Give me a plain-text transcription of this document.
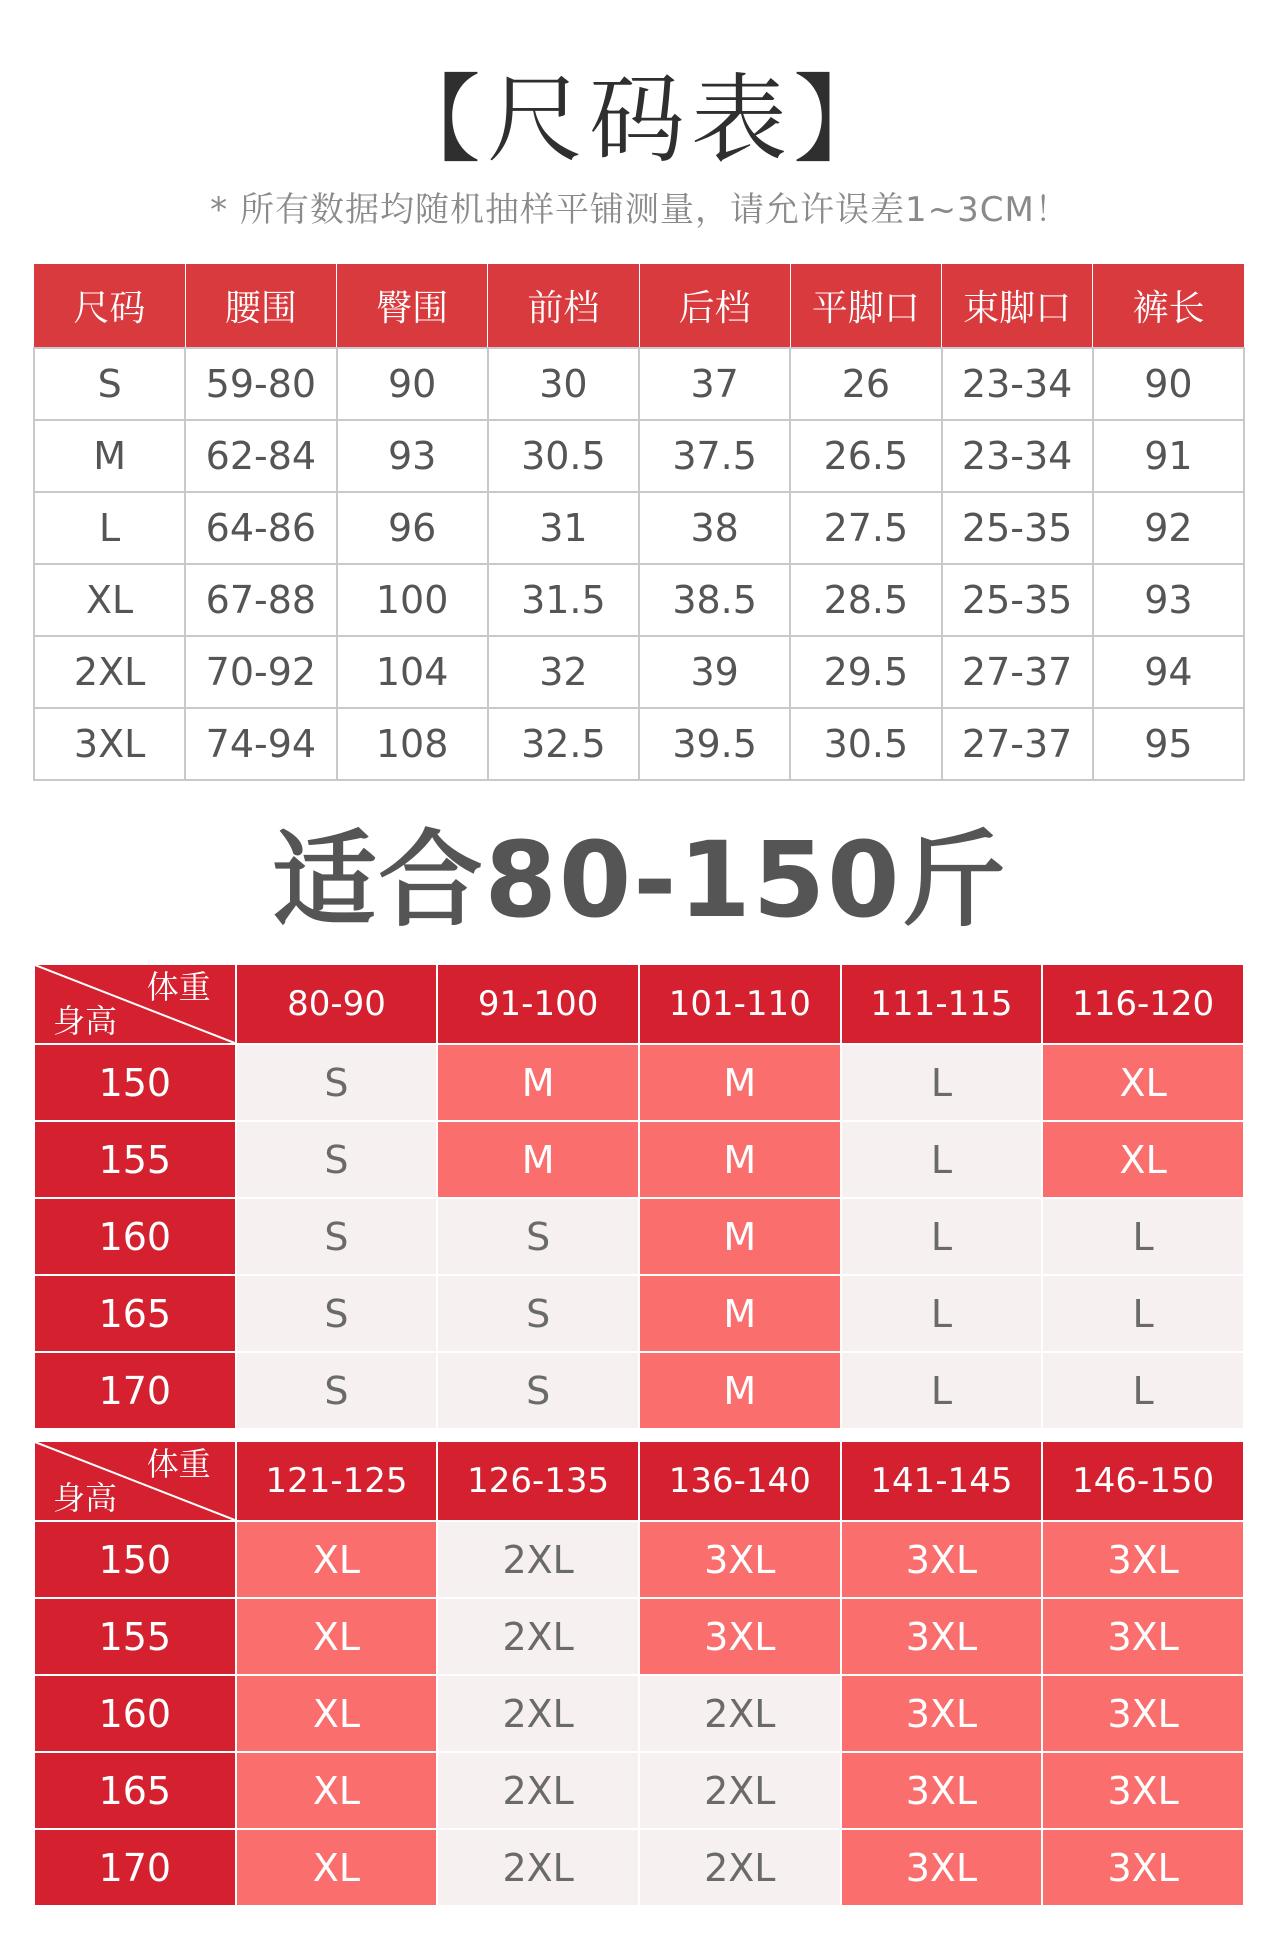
【尺码表】
* 所有数据均随机抽样平铺测量，请允许误差1~3CM！
尺码	腰围	臀围	前档	后档	平脚口	束脚口	裤长
S	59-80	90	30	37	26	23-34	90
M	62-84	93	30.5	37.5	26.5	23-34	91
L	64-86	96	31	38	27.5	25-35	92
XL	67-88	100	31.5	38.5	28.5	25-35	93
2XL	70-92	104	32	39	29.5	27-37	94
3XL	74-94	108	32.5	39.5	30.5	27-37	95
适合80-150斤
体重
身高	80-90	91-100	101-110	111-115	116-120
150	S	M	M	L	XL
155	S	M	M	L	XL
160	S	S	M	L	L
165	S	S	M	L	L
170	S	S	M	L	L
体重
身高	121-125	126-135	136-140	141-145	146-150
150	XL	2XL	3XL	3XL	3XL
155	XL	2XL	3XL	3XL	3XL
160	XL	2XL	2XL	3XL	3XL
165	XL	2XL	2XL	3XL	3XL
170	XL	2XL	2XL	3XL	3XL
